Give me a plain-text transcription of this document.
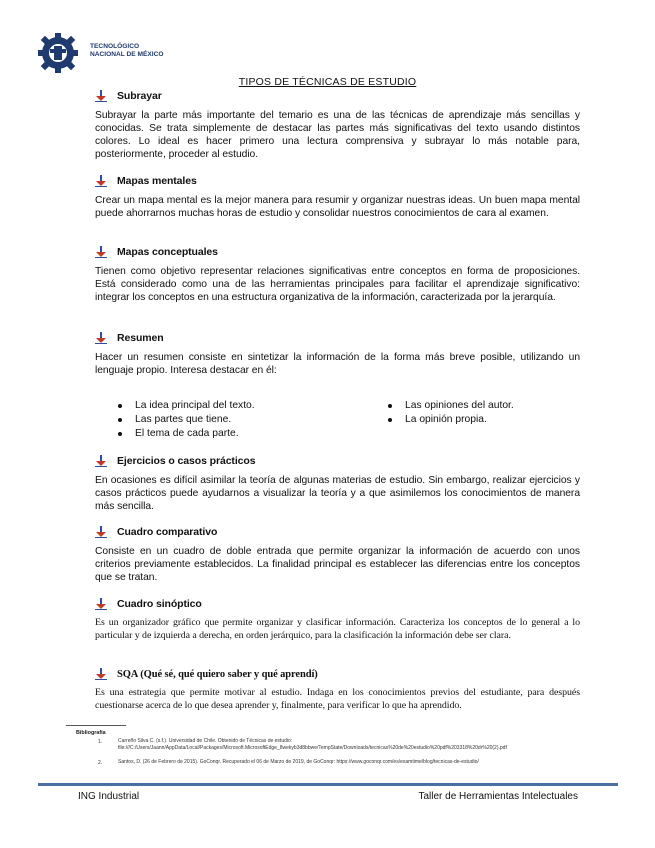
TECNOLÓGICO
NACIONAL DE MÉXICO
TIPOS DE TÉCNICAS DE ESTUDIO
Subrayar

Subrayar la parte más importante del temario es una de las técnicas de aprendizaje más sencillas y conocidas. Se trata simplemente de destacar las partes más significativas del texto usando distintos colores. Lo ideal es hacer primero una lectura comprensiva y subrayar lo más notable para, posteriormente, proceder al estudio.

Mapas mentales

Crear un mapa mental es la mejor manera para resumir y organizar nuestras ideas. Un buen mapa mental puede ahorrarnos muchas horas de estudio y consolidar nuestros conocimientos de cara al examen.

Mapas conceptuales

Tienen como objetivo representar relaciones significativas entre conceptos en forma de proposiciones. Está considerado como una de las herramientas principales para facilitar el aprendizaje significativo: integrar los conceptos en una estructura organizativa de la información, caracterizada por la jerarquía.

Resumen

Hacer un resumen consiste en sintetizar la información de la forma más breve posible, utilizando un lenguaje propio. Interesa destacar en él:

La idea principal del texto.
Las partes que tiene.
El tema de cada parte.
Las opiniones del autor.
La opinión propia.
Ejercicios o casos prácticos

En ocasiones es difícil asimilar la teoría de algunas materias de estudio. Sin embargo, realizar ejercicios y casos prácticos puede ayudarnos a visualizar la teoría y a que asimilemos los conocimientos de manera más sencilla.

Cuadro comparativo

Consiste en un cuadro de doble entrada que permite organizar la información de acuerdo con unos criterios previamente establecidos. La finalidad principal es establecer las diferencias entre los conceptos que se tratan.

Cuadro sinóptico

Es un organizador gráfico que permite organizar y clasificar información. Caracteriza los conceptos de lo general a lo particular y de izquierda a derecha, en orden jerárquico, para la clasificación la información debe ser clara.

SQA (Qué sé, qué quiero saber y qué aprendí)

Es una estrategia que permite motivar al estudio. Indaga en los conocimientos previos del estudiante, para después cuestionarse acerca de lo que desea aprender y, finalmente, para verificar lo que ha aprendido.

Bibliografía
1.	Carreño Silva C. (s.f.). Universidad de Chile. Obtenido de Técnicas de estudio:
file:///C:/Users/Jaann/AppData/Local/Packages/Microsoft.MicrosoftEdge_8wekyb3d8bbwe/TempState/Downloads/tecnicas%20de%20estudio%20pdf%203318%20dr%20(2).pdf
2.	Santos, D. (26 de Febrero de 2015). GoConqr. Recuperado el 06 de Marzo de 2019, de GoConqr: https://www.goconqr.com/es/examtime/blog/tecnicas-de-estudio/
ING Industrial	Taller de Herramientas Intelectuales
